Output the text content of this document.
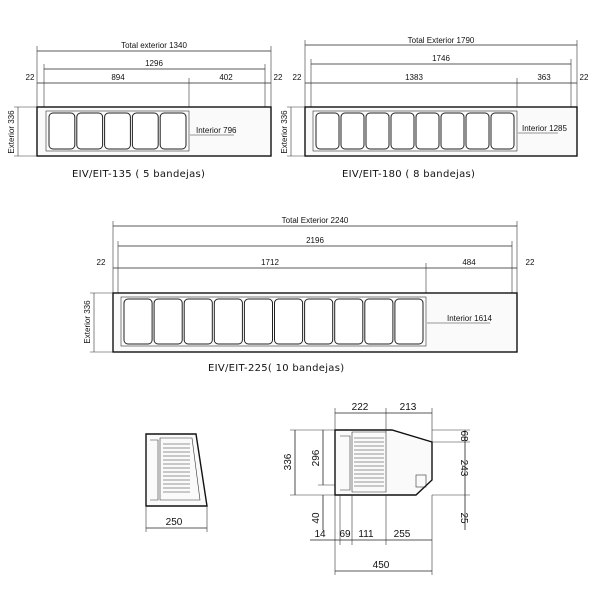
Total exterior 1340
1296
894	402
22	22
Exterior 336	Interior 796
EIV/EIT-135 ( 5 bandejas)
Total Exterior 1790
1746
1383	363
22	22
Exterior 336	Interior 1285
EIV/EIT-180 ( 8 bandejas)
Total Exterior 2240
2196
1712	484
22	22
Exterior 336	Interior 1614
EIV/EIT-225( 10 bandejas)
250
222	213
336 296
40
68
243
25
14 69 111 255
450
